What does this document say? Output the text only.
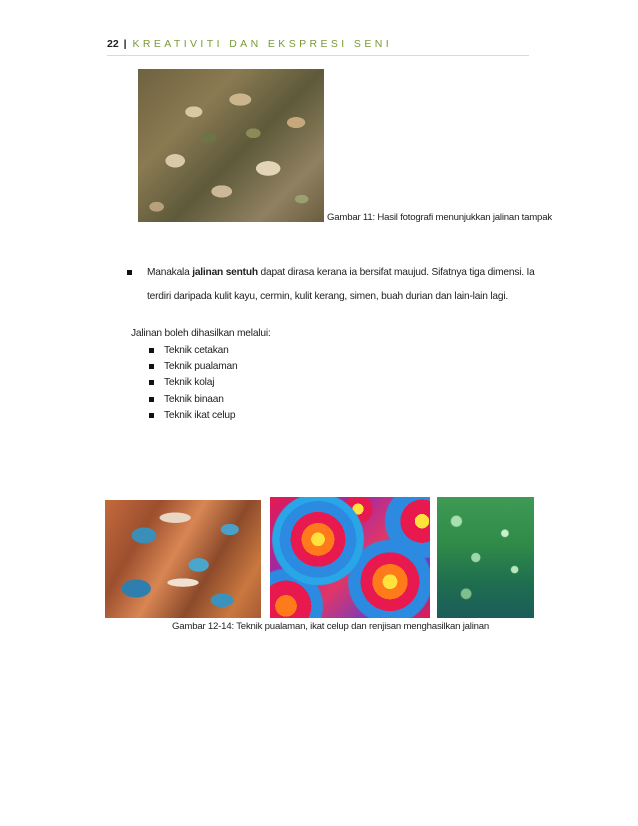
22 | KREATIVITI DAN EKSPRESI SENI
Gambar 11: Hasil fotografi menunjukkan jalinan tampak
Manakala jalinan sentuh dapat dirasa kerana ia bersifat maujud. Sifatnya tiga dimensi. Ia
terdiri daripada kulit kayu, cermin, kulit kerang, simen, buah durian dan lain-lain lagi.
Jalinan boleh dihasilkan melalui:
Teknik cetakan
Teknik pualaman
Teknik kolaj
Teknik binaan
Teknik ikat celup
Gambar 12-14: Teknik pualaman, ikat celup dan renjisan menghasilkan jalinan
